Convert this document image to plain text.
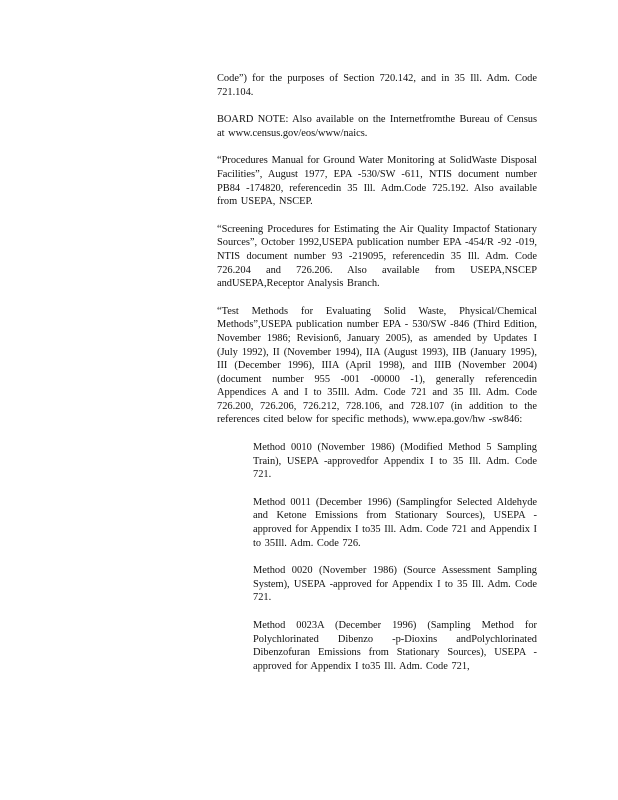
Code”) for the purposes of Section 720.142, and in 35 Ill. Adm. Code 721.104.

BOARD NOTE: Also available on the Internetfromthe Bureau of Census at www.census.gov/eos/www/naics.

“Procedures Manual for Ground Water Monitoring at SolidWaste Disposal Facilities”, August 1977, EPA -530/SW -611, NTIS document number PB84 -174820, referencedin 35 Ill. Adm.Code 725.192. Also available from USEPA, NSCEP.

“Screening Procedures for Estimating the Air Quality Impactof Stationary Sources”, October 1992,USEPA publication number EPA -454/R -92 -019, NTIS document number 93 -219095, referencedin 35 Ill. Adm. Code 726.204 and 726.206. Also available from USEPA,NSCEP andUSEPA,Receptor Analysis Branch.

“Test Methods for Evaluating Solid Waste, Physical/Chemical Methods”,USEPA publication number EPA - 530/SW -846 (Third Edition, November 1986; Revision6, January 2005), as amended by Updates I (July 1992), II (November 1994), IIA (August 1993), IIB (January 1995), III (December 1996), IIIA (April 1998), and IIIB (November 2004) (document number 955 -001 -00000 -1), generally referencedin Appendices A and I to 35Ill. Adm. Code 721 and 35 Ill. Adm. Code 726.200, 726.206, 726.212, 728.106, and 728.107 (in addition to the references cited below for specific methods), www.epa.gov/hw -sw846:

Method 0010 (November 1986) (Modified Method 5 Sampling Train), USEPA -approvedfor Appendix I to 35 Ill. Adm. Code 721.

Method 0011 (December 1996) (Samplingfor Selected Aldehyde and Ketone Emissions from Stationary Sources), USEPA -approved for Appendix I to35 Ill. Adm. Code 721 and Appendix I to 35Ill. Adm. Code 726.

Method 0020 (November 1986) (Source Assessment Sampling System), USEPA -approved for Appendix I to 35 Ill. Adm. Code 721.

Method 0023A (December 1996) (Sampling Method for Polychlorinated Dibenzo -p-Dioxins andPolychlorinated Dibenzofuran Emissions from Stationary Sources), USEPA -approved for Appendix I to35 Ill. Adm. Code 721,
